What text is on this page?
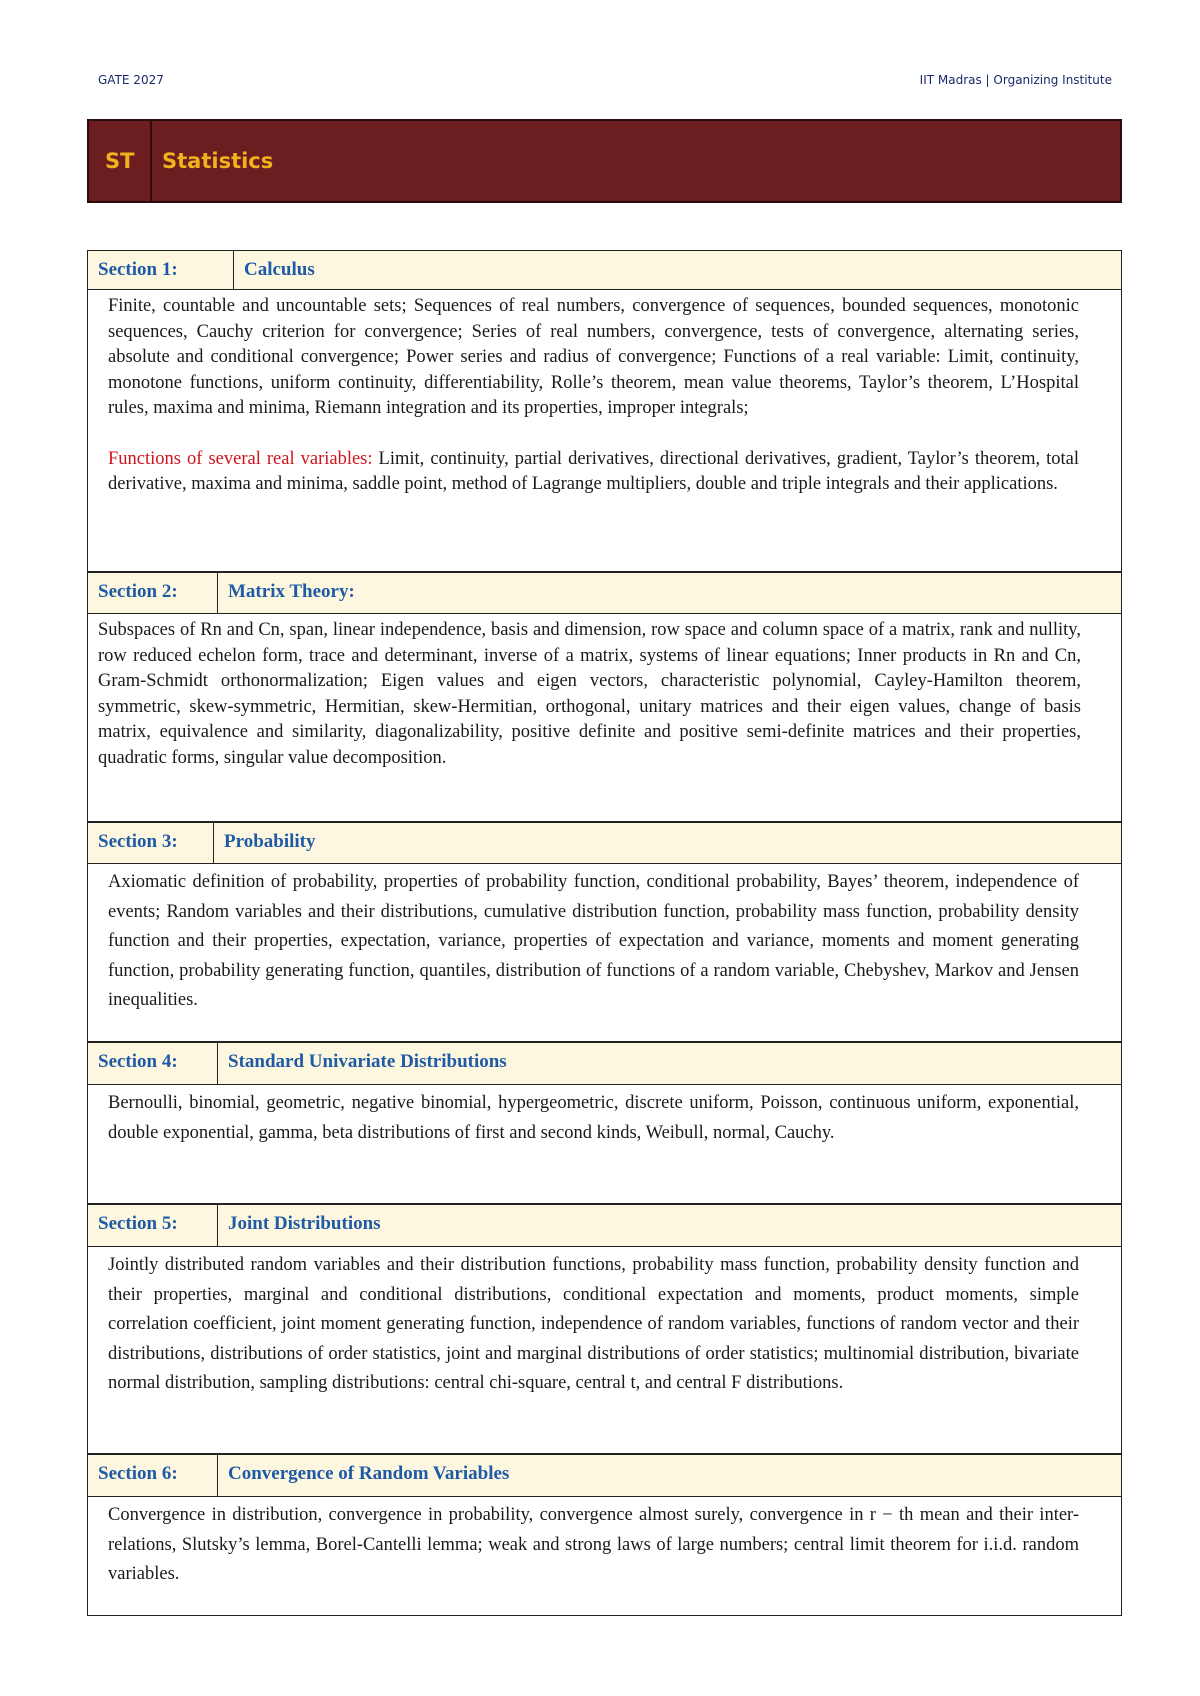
GATE 2027	IIT Madras | Organizing Institute
ST	Statistics
Section 1:	Calculus

Finite, countable and uncountable sets; Sequences of real numbers, convergence of sequences, bounded sequences, monotonic sequences, Cauchy criterion for convergence; Series of real numbers, convergence, tests of convergence, alternating series, absolute and conditional convergence; Power series and radius of convergence; Functions of a real variable: Limit, continuity, monotone functions, uniform continuity, differentiability, Rolle’s theorem, mean value theorems, Taylor’s theorem, L’Hospital rules, maxima and minima, Riemann integration and its properties, improper integrals;

Functions of several real variables: Limit, continuity, partial derivatives, directional derivatives, gradient, Taylor’s theorem, total derivative, maxima and minima, saddle point, method of Lagrange multipliers, double and triple integrals and their applications.

Section 2:	Matrix Theory:

Subspaces of Rn and Cn, span, linear independence, basis and dimension, row space and column space of a matrix, rank and nullity, row reduced echelon form, trace and determinant, inverse of a matrix, systems of linear equations; Inner products in Rn and Cn, Gram-Schmidt orthonormalization; Eigen values and eigen vectors, characteristic polynomial, Cayley-Hamilton theorem, symmetric, skew-symmetric, Hermitian, skew-Hermitian, orthogonal, unitary matrices and their eigen values, change of basis matrix, equivalence and similarity, diagonalizability, positive definite and positive semi-definite matrices and their properties, quadratic forms, singular value decomposition.

Section 3:	Probability

Axiomatic definition of probability, properties of probability function, conditional probability, Bayes’ theorem, independence of events; Random variables and their distributions, cumulative distribution function, probability mass function, probability density function and their properties, expectation, variance, properties of expectation and variance, moments and moment generating function, probability generating function, quantiles, distribution of functions of a random variable, Chebyshev, Markov and Jensen inequalities.

Section 4:	Standard Univariate Distributions

Bernoulli, binomial, geometric, negative binomial, hypergeometric, discrete uniform, Poisson, continuous uniform, exponential, double exponential, gamma, beta distributions of first and second kinds, Weibull, normal, Cauchy.

Section 5:	Joint Distributions

Jointly distributed random variables and their distribution functions, probability mass function, probability density function and their properties, marginal and conditional distributions, conditional expectation and moments, product moments, simple correlation coefficient, joint moment generating function, independence of random variables, functions of random vector and their distributions, distributions of order statistics, joint and marginal distributions of order statistics; multinomial distribution, bivariate normal distribution, sampling distributions: central chi-square, central t, and central F distributions.

Section 6:	Convergence of Random Variables

Convergence in distribution, convergence in probability, convergence almost surely, convergence in r − th mean and their inter-relations, Slutsky’s lemma, Borel-Cantelli lemma; weak and strong laws of large numbers; central limit theorem for i.i.d. random variables.
